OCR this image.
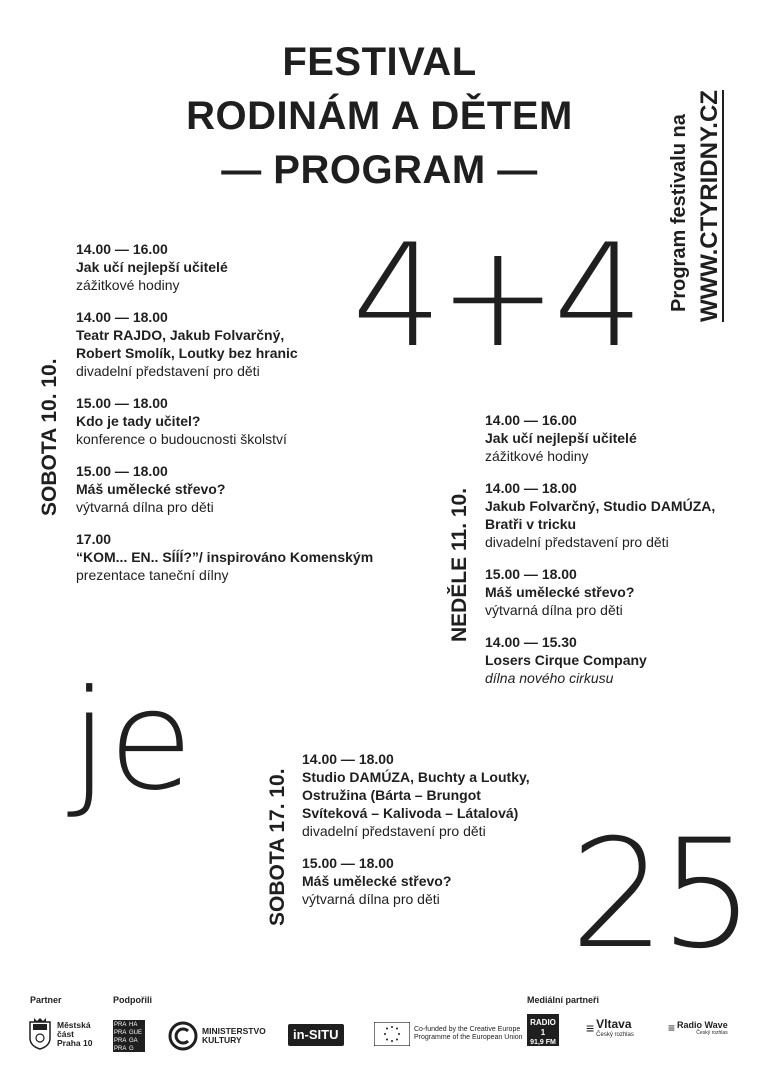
FESTIVAL
RODINÁM A DĚTEM
— PROGRAM —	Program festivalu na WWW.CTYRIDNY.CZ
4+4
je
25
SOBOTA 10. 10.
14.00 — 16.00
Jak učí nejlepší učitelé
zážitkové hodiny
14.00 — 18.00
Teatr RAJDO, Jakub Folvarčný, Robert Smolík, Loutky bez hranic
divadelní představení pro děti
15.00 — 18.00
Kdo je tady učitel?
konference o budoucnosti školství
15.00 — 18.00
Máš umělecké střevo?
výtvarná dílna pro děti
17.00
“KOM... EN.. SÍÍÍ?”/ inspirováno Komenským
prezentace taneční dílny	NEDĚLE 11. 10.
14.00 — 16.00
Jak učí nejlepší učitelé
zážitkové hodiny
14.00 — 18.00
Jakub Folvarčný, Studio DAMÚZA, Bratři v tricku
divadelní představení pro děti
15.00 — 18.00
Máš umělecké střevo?
výtvarná dílna pro děti
14.00 — 15.30
Losers Cirque Company
dílna nového cirkusu
SOBOTA 17. 10.
14.00 — 18.00
Studio DAMÚZA, Buchty a Loutky, Ostružina (Bárta – Brungot Svíteková – Kalivoda – Látalová)
divadelní představení pro děti
15.00 — 18.00
Máš umělecké střevo?
výtvarná dílna pro děti
Partner	Podpořili	Mediální partneři
Městská část Praha 10
PRA HA
PRA GUE
PRA GA
PRA G
MINISTERSTVO KULTURY	in-SITU	Co-funded by the Creative Europe Programme of the European Union
RADIO 1
91,9 FM
≡ Vltava
Český rozhlas	≡ Radio Wave
Český rozhlas
